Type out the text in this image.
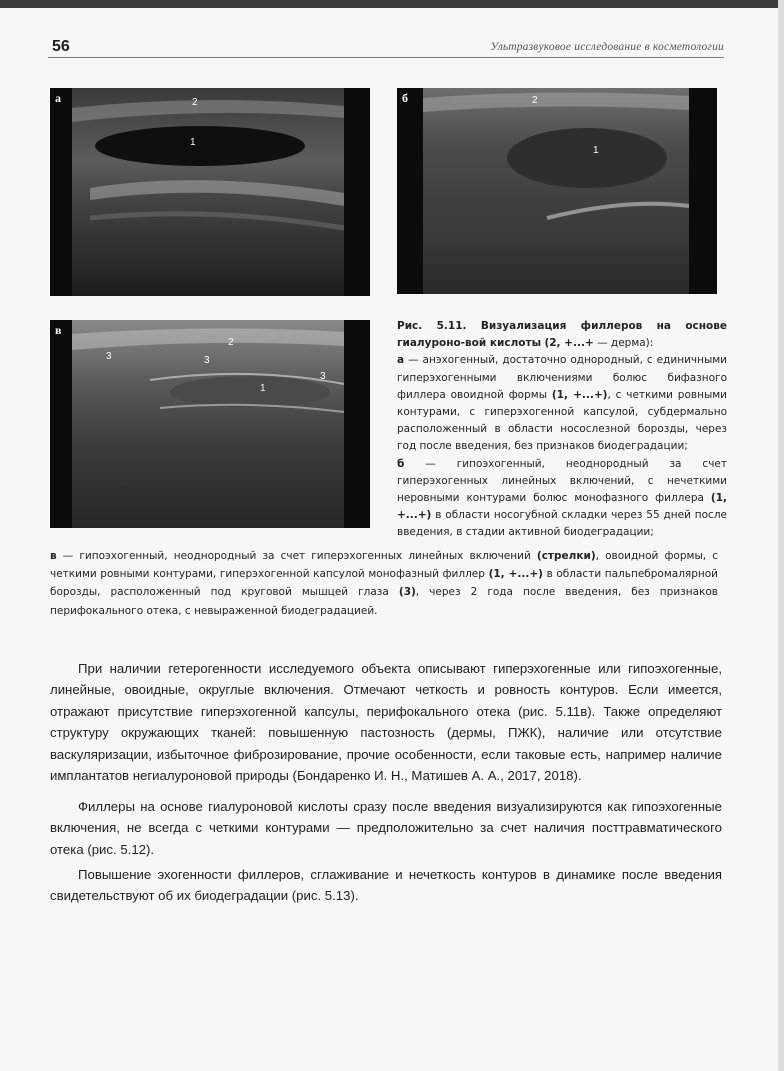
56	Ультразвуковое исследование в косметологии
а	2
1
б	2
1
в
3	3
2
1
3

Рис. 5.11. Визуализация филлеров на основе гиалуроно-вой кислоты (2, +...+ — дерма):

а — анэхогенный, достаточно однородный, с единичными гиперэхогенными включениями болюс бифазного филлера овоидной формы (1, +...+), с четкими ровными контурами, с гиперэхогенной капсулой, субдермально расположенный в области носослезной борозды, через год после введения, без признаков биодеградации;

б — гипоэхогенный, неоднородный за счет гиперэхогенных линейных включений, с нечеткими неровными контурами болюс монофазного филлера (1, +...+) в области носогубной складки через 55 дней после введения, в стадии активной биодеградации;

в — гипоэхогенный, неоднородный за счет гиперэхогенных линейных включений (стрелки), овоидной формы, с четкими ровными контурами, гиперэхогенной капсулой монофазный филлер (1, +...+) в области пальпебромалярной борозды, расположенный под круговой мышцей глаза (3), через 2 года после введения, без признаков перифокального отека, с невыраженной биодеградацией.

При наличии гетерогенности исследуемого объекта описывают гиперэхогенные или гипоэхогенные, линейные, овоидные, округлые включения. Отмечают четкость и ровность контуров. Если имеется, отражают присутствие гиперэхогенной капсулы, перифокального отека (рис. 5.11в). Также определяют структуру окружающих тканей: повышенную пастозность (дермы, ПЖК), наличие или отсутствие васкуляризации, избыточное фиброзирование, прочие особенности, если таковые есть, например наличие имплантатов негиалуроновой природы (Бондаренко И. Н., Матишев А. А., 2017, 2018).

Филлеры на основе гиалуроновой кислоты сразу после введения визуализируются как гипоэхогенные включения, не всегда с четкими контурами — предположительно за счет наличия посттравматического отека (рис. 5.12).

Повышение эхогенности филлеров, сглаживание и нечеткость контуров в динамике после введения свидетельствуют об их биодеградации (рис. 5.13).
